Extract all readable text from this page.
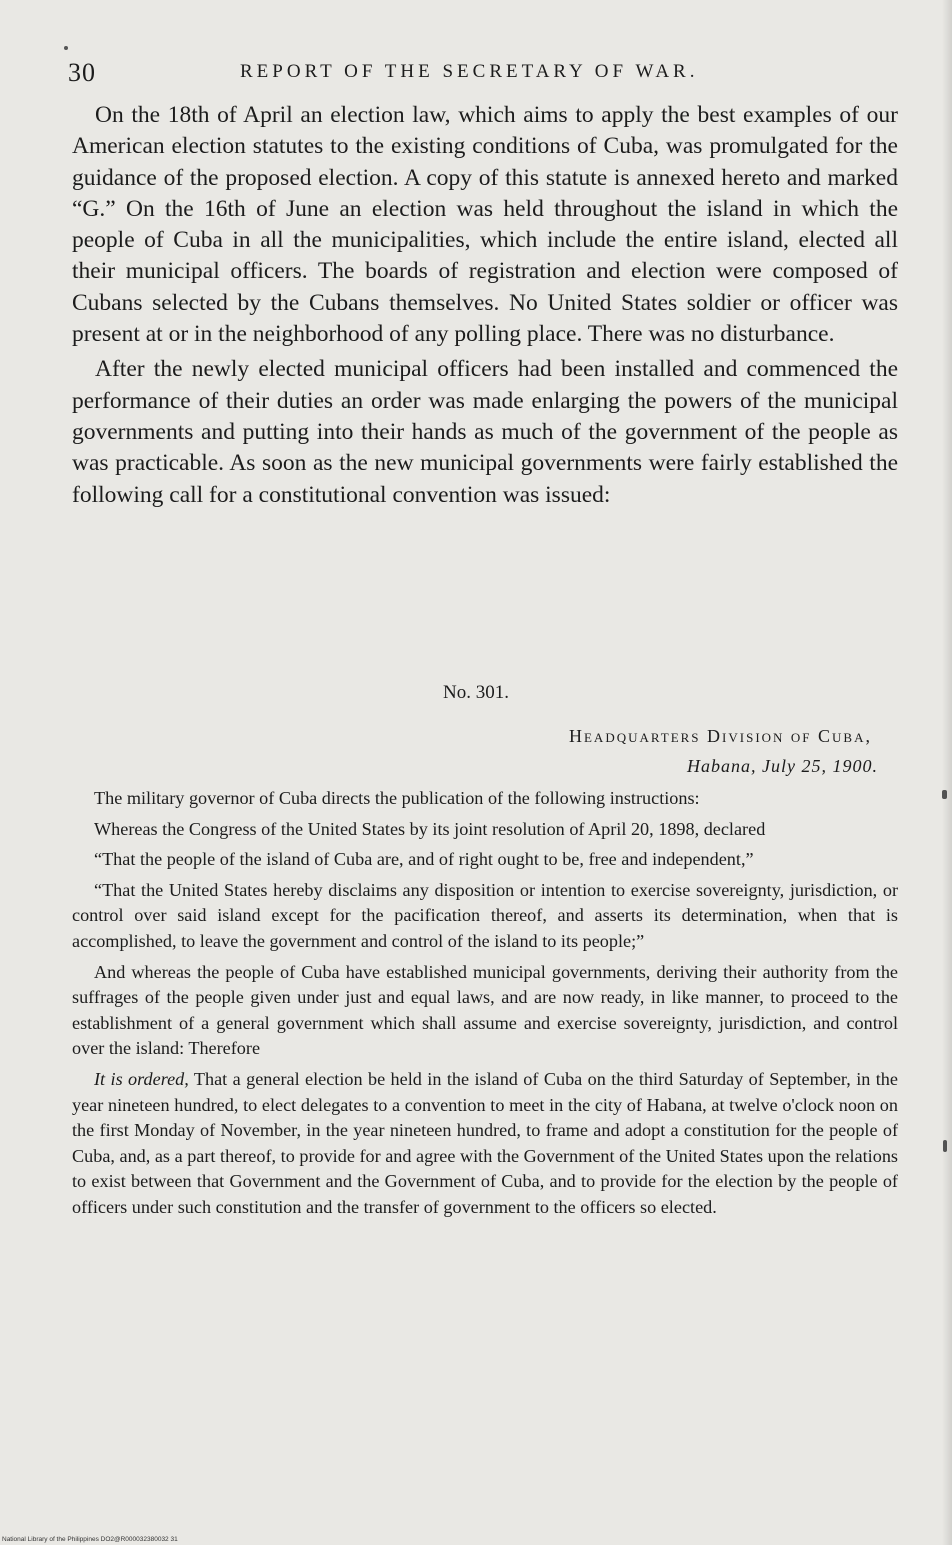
30	REPORT OF THE SECRETARY OF WAR.

On the 18th of April an election law, which aims to apply the best examples of our American election statutes to the existing conditions of Cuba, was promulgated for the guidance of the proposed election. A copy of this statute is annexed hereto and marked “G.” On the 16th of June an election was held throughout the island in which the people of Cuba in all the municipalities, which include the entire island, elected all their municipal officers. The boards of registration and election were composed of Cubans selected by the Cubans themselves. No United States soldier or officer was present at or in the neighborhood of any polling place. There was no disturbance.

After the newly elected municipal officers had been installed and commenced the performance of their duties an order was made enlarging the powers of the municipal governments and putting into their hands as much of the government of the people as was practicable. As soon as the new municipal governments were fairly established the following call for a constitutional convention was issued:

No. 301.
Headquarters Division of Cuba,
Habana, July 25, 1900.

The military governor of Cuba directs the publication of the following instructions:

Whereas the Congress of the United States by its joint resolution of April 20, 1898, declared

“That the people of the island of Cuba are, and of right ought to be, free and independent,”

“That the United States hereby disclaims any disposition or intention to exercise sovereignty, jurisdiction, or control over said island except for the pacification thereof, and asserts its determination, when that is accomplished, to leave the government and control of the island to its people;”

And whereas the people of Cuba have established municipal governments, deriving their authority from the suffrages of the people given under just and equal laws, and are now ready, in like manner, to proceed to the establishment of a general government which shall assume and exercise sovereignty, jurisdiction, and control over the island: Therefore

It is ordered, That a general election be held in the island of Cuba on the third Saturday of September, in the year nineteen hundred, to elect delegates to a convention to meet in the city of Habana, at twelve o'clock noon on the first Monday of November, in the year nineteen hundred, to frame and adopt a constitution for the people of Cuba, and, as a part thereof, to provide for and agree with the Government of the United States upon the relations to exist between that Government and the Government of Cuba, and to provide for the election by the people of officers under such constitution and the transfer of government to the officers so elected.

National Library of the Philippines DO2@R000032380032 31
